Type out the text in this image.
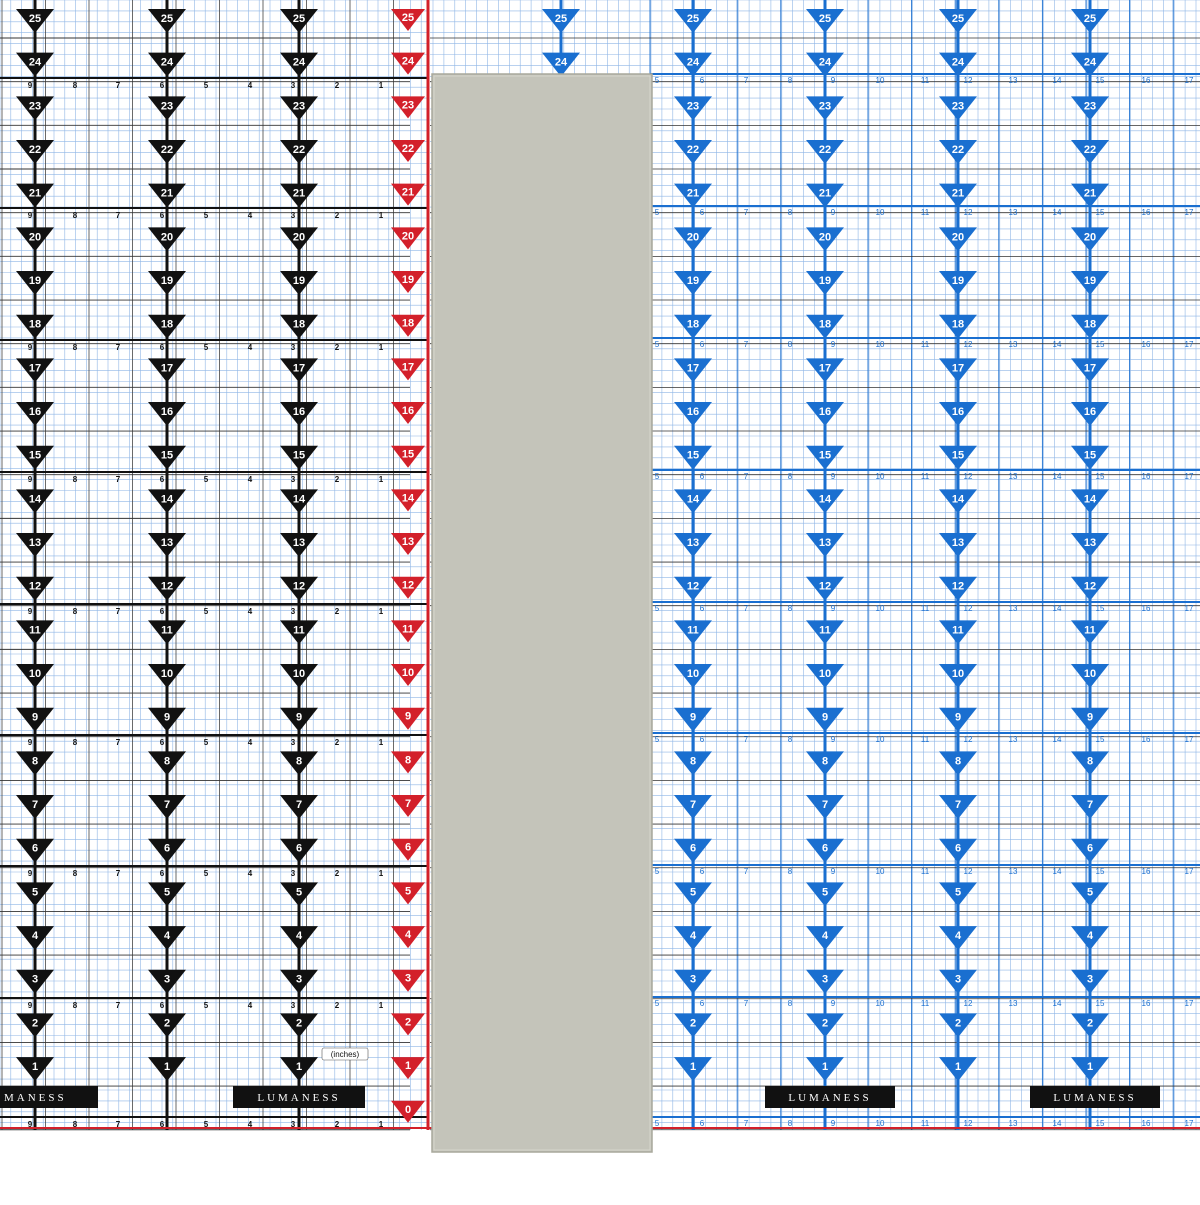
9	8	7	6	5	4	3	2	1
9	8	7	6	5	4	3	2	1
9	8	7	6	5	4	3	2	1
9	8	7	6	5	4	3	2	1
9	8	7	6	5	4	3	2	1
9	8	7	6	5	4	3	2	1
9	8	7	6	5	4	3	2	1
9	8	7	6	5	4	3	2	1
9	8	7	6	5	4	3	2	1
25
24
23
22
21
20
19
18
17
16
15
14
13
12
11
10
9
8
7
6
5
4
3
2
1
25
24
23
22
21
20
19
18
17
16
15
14
13
12
11
10
9
8
7
6
5
4
3
2
1
25
24
23
22
21
20
19
18
17
16
15
14
13
12
11
10
9
8
7
6
5
4
3
2
1
25
24
23
22
21
20
19
18
17
16
15
14
13
12
11
10
9
8
7
6
5
4
3
2
1
0
(inches)
5	6	7	8	9	10	11	12	13	14	15	16	17
5	6	7	8	9	10	11	12	13	14	15	16	17
5	6	7	8	9	10	11	12	13	14	15	16	17
5	6	7	8	9	10	11	12	13	14	15	16	17
5	6	7	8	9	10	11	12	13	14	15	16	17
5	6	7	8	9	10	11	12	13	14	15	16	17
5	6	7	8	9	10	11	12	13	14	15	16	17
5	6	7	8	9	10	11	12	13	14	15	16	17
5	6	7	8	9	10	11	12	13	14	15	16	17
25
24
25
24
23
22
21
20
19
18
17
16
15
14
13
12
11
10
9
8
7
6
5
4
3
2
1
25
24
23
22
21
20
19
18
17
16
15
14
13
12
11
10
9
8
7
6
5
4
3
2
1
25
24
23
22
21
20
19
18
17
16
15
14
13
12
11
10
9
8
7
6
5
4
3
2
1
25
24
23
22
21
20
19
18
17
16
15
14
13
12
11
10
9
8
7
6
5
4
3
2
1
MANESS	LUMANESS	LUMANESS	LUMANESS
